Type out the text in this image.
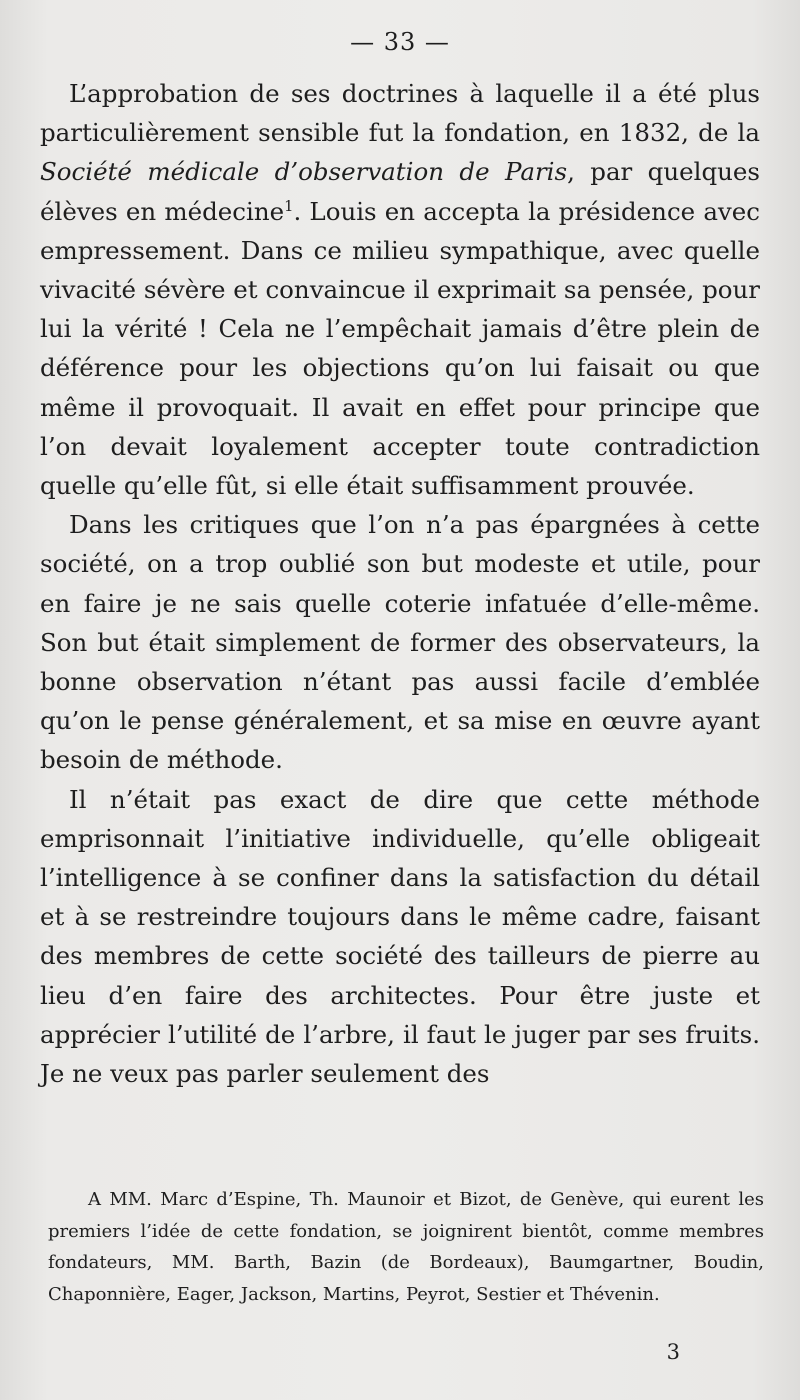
— 33 —

L’approbation de ses doctrines à laquelle il a été plus particulièrement sensible fut la fondation, en 1832, de la Société médicale d’observation de Paris, par quelques élèves en médecine$^1$. Louis en accepta la présidence avec empressement. Dans ce milieu sympathique, avec quelle vivacité sévère et convaincue il exprimait sa pensée, pour lui la vérité ! Cela ne l’empêchait jamais d’être plein de déférence pour les objections qu’on lui faisait ou que même il provoquait. Il avait en effet pour principe que l’on devait loyalement accepter toute contradiction quelle qu’elle fût, si elle était suffisamment prouvée.

Dans les critiques que l’on n’a pas épargnées à cette société, on a trop oublié son but modeste et utile, pour en faire je ne sais quelle coterie infatuée d’elle-même. Son but était simplement de former des observateurs, la bonne observation n’étant pas aussi facile d’emblée qu’on le pense généralement, et sa mise en œuvre ayant besoin de méthode.

Il n’était pas exact de dire que cette méthode emprisonnait l’initiative individuelle, qu’elle obligeait l’intelligence à se confiner dans la satisfaction du détail et à se restreindre toujours dans le même cadre, faisant des membres de cette société des tailleurs de pierre au lieu d’en faire des architectes. Pour être juste et apprécier l’utilité de l’arbre, il faut le juger par ses fruits. Je ne veux pas parler seulement des

A MM. Marc d’Espine, Th. Maunoir et Bizot, de Genève, qui eurent les premiers l’idée de cette fondation, se joignirent bientôt, comme membres fondateurs, MM. Barth, Bazin (de Bordeaux), Baumgartner, Boudin, Chaponnière, Eager, Jackson, Martins, Peyrot, Sestier et Thévenin.

3
